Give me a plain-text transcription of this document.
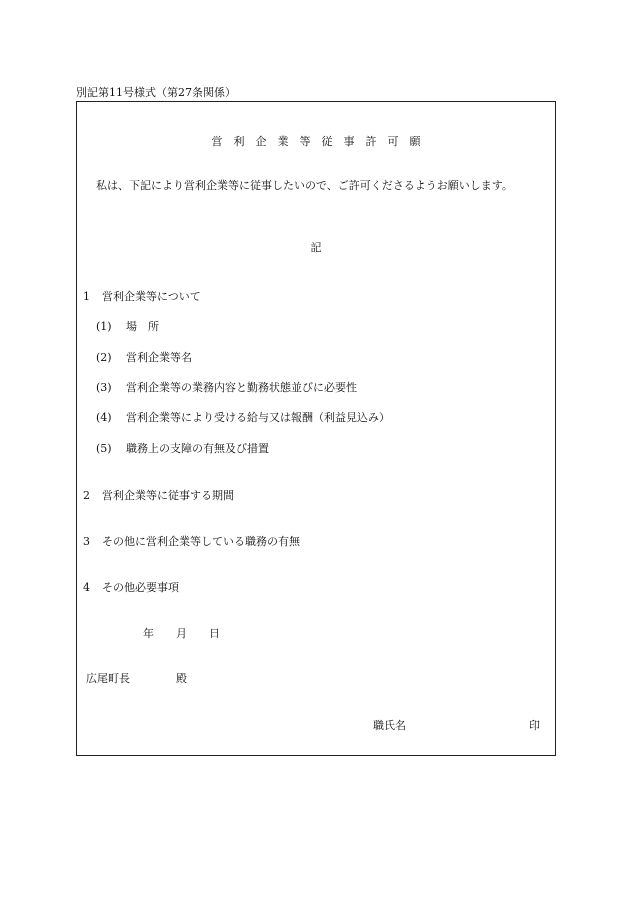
別記第11号様式（第27条関係）
営　利　企　業　等　従　事　許　可　願
私は、下記により営利企業等に従事したいので、ご許可くださるようお願いします。
記
1 営利企業等について
(1) 場　所
(2) 営利企業等名
(3) 営利企業等の業務内容と勤務状態並びに必要性
(4) 営利企業等により受ける給与又は報酬（利益見込み）
(5) 職務上の支障の有無及び措置
2 営利企業等に従事する期間
3 その他に営利企業等している職務の有無
4 その他必要事項
年 月 日
広尾町長	殿
職氏名	印
